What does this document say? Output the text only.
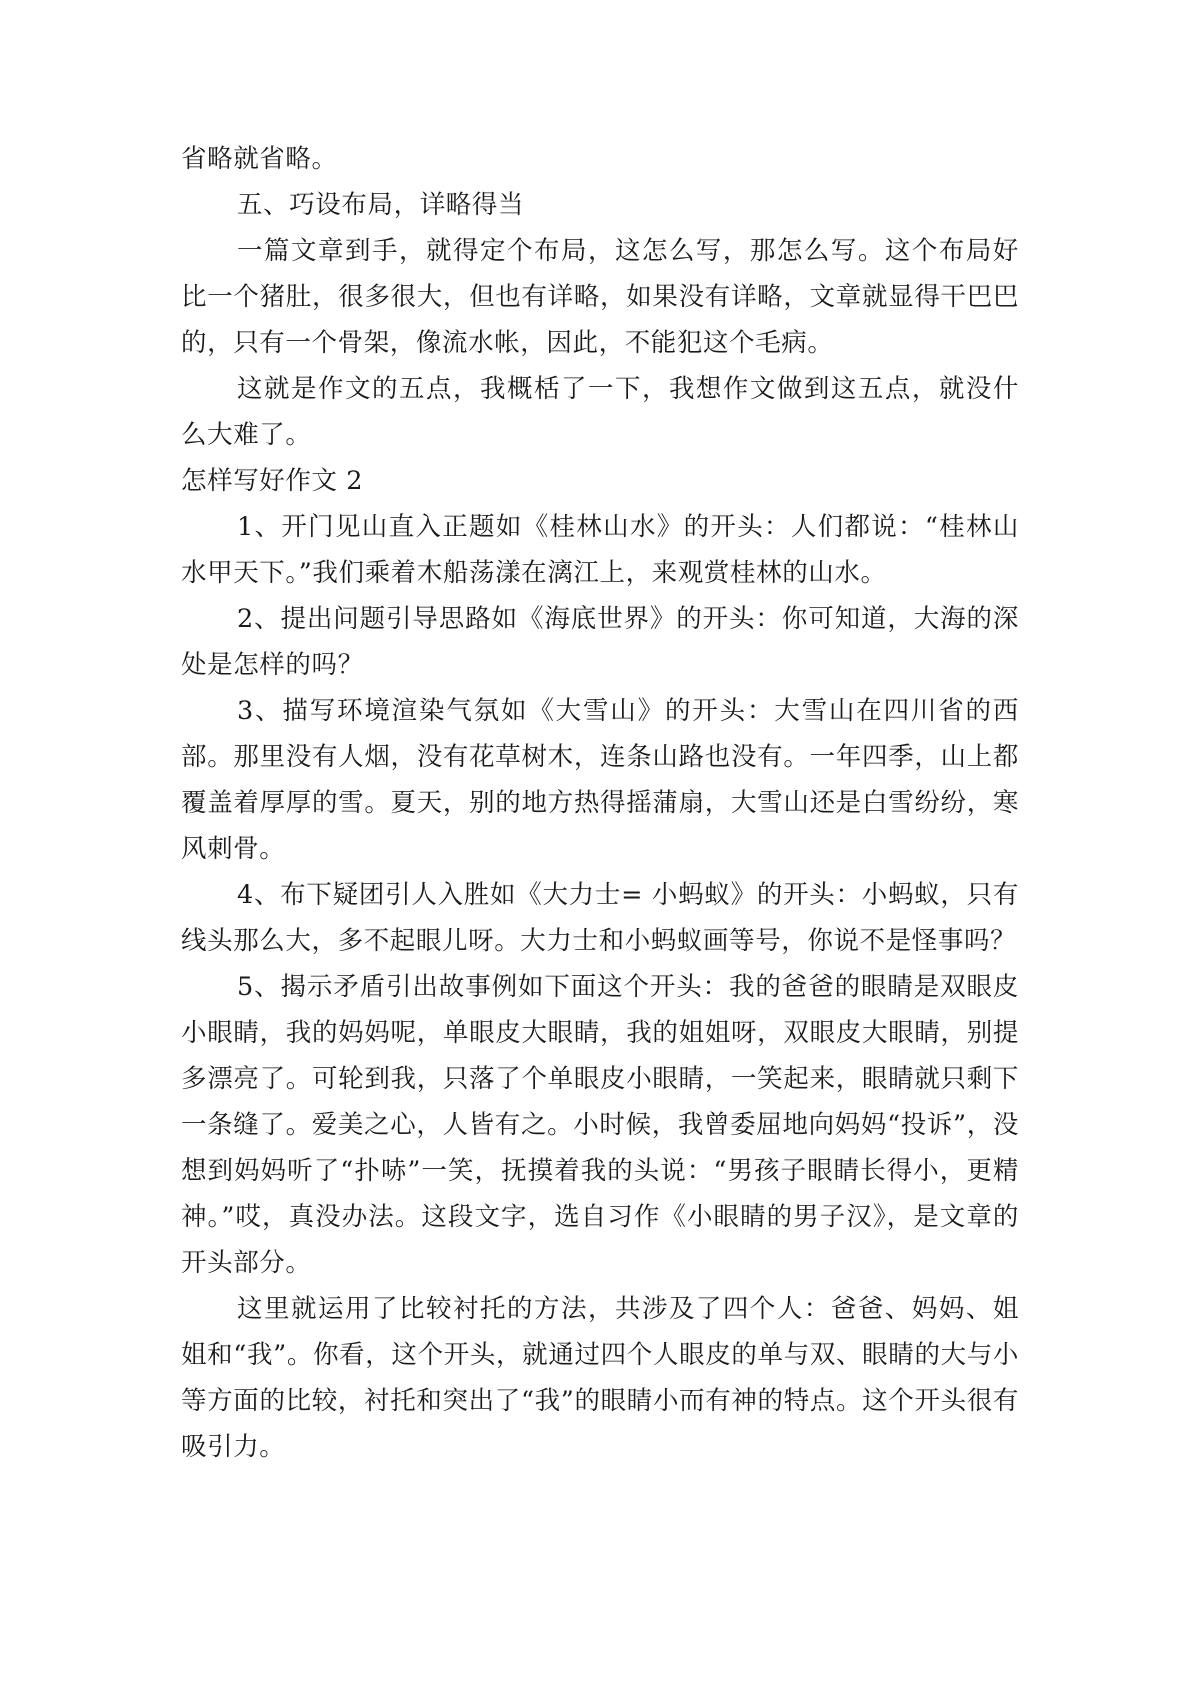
省略就省略。

五、巧设布局，详略得当

一篇文章到手，就得定个布局，这怎么写，那怎么写。这个布局好比一个猪肚，很多很大，但也有详略，如果没有详略，文章就显得干巴巴的，只有一个骨架，像流水帐，因此，不能犯这个毛病。

这就是作文的五点，我概栝了一下，我想作文做到这五点，就没什么大难了。

怎样写好作文 2

1、开门见山直入正题如《桂林山水》的开头：人们都说：“桂林山水甲天下。”我们乘着木船荡漾在漓江上，来观赏桂林的山水。

2、提出问题引导思路如《海底世界》的开头：你可知道，大海的深处是怎样的吗？

3、描写环境渲染气氛如《大雪山》的开头：大雪山在四川省的西部。那里没有人烟，没有花草树木，连条山路也没有。一年四季，山上都覆盖着厚厚的雪。夏天，别的地方热得摇蒲扇，大雪山还是白雪纷纷，寒风刺骨。

4、布下疑团引人入胜如《大力士= 小蚂蚁》的开头：小蚂蚁，只有线头那么大，多不起眼儿呀。大力士和小蚂蚁画等号，你说不是怪事吗？

5、揭示矛盾引出故事例如下面这个开头：我的爸爸的眼睛是双眼皮小眼睛，我的妈妈呢，单眼皮大眼睛，我的姐姐呀，双眼皮大眼睛，别提多漂亮了。可轮到我，只落了个单眼皮小眼睛，一笑起来，眼睛就只剩下一条缝了。爱美之心，人皆有之。小时候，我曾委屈地向妈妈“投诉”，没想到妈妈听了“扑哧”一笑，抚摸着我的头说：“男孩子眼睛长得小，更精神。”哎，真没办法。这段文字，选自习作《小眼睛的男子汉》，是文章的开头部分。

这里就运用了比较衬托的方法，共涉及了四个人：爸爸、妈妈、姐姐和“我”。你看，这个开头，就通过四个人眼皮的单与双、眼睛的大与小等方面的比较，衬托和突出了“我”的眼睛小而有神的特点。这个开头很有吸引力。
